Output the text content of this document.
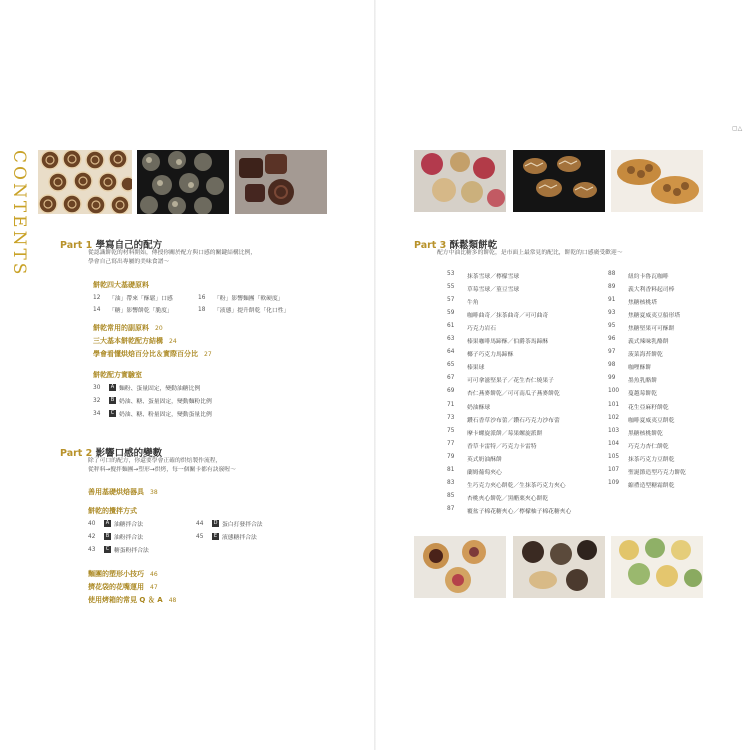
▢△
CONTENTS	Part 1 學寫自己的配方
從認識餅乾的材料開始，傳授你關於配方與口感的關鍵結構比例，
學會自己寫出專屬的美味食譜～
餅乾四大基礎原料
12	「油」帶來「酥鬆」口感
14	「糖」影響餅乾「脆度」
16	「粉」影響麵團「軟硬度」
18	「液態」提升餅乾「化口性」
餅乾常用的副原料 20
三大基本餅乾配方結構 24
學會看懂烘焙百分比＆實際百分比 27
餅乾配方實驗室
30	A 麵粉、蛋量固定，變動油糖比例
32	B 奶油、糖、蛋量固定，變動麵粉比例
34	C 奶油、糖、粉量固定，變動蛋量比例
Part 2 影響口感的變數
除了可口的配方，你還要學會正確的烘焙製作流程，
從秤料→攪拌麵團→塑形→烘烤，每一個關卡都有訣竅喔～
善用基礎烘焙器具 38
餅乾的攪拌方式
40	A 油糖拌合法
42	B 油粉拌合法
43	C 糖蛋粉拌合法
44	D 蛋白打發拌合法
45	E 液態糖拌合法
麵團的塑形小技巧 46
擠花袋的花嘴運用 47
使用烤箱的常見 Q ＆ A 48
Part 3 酥鬆類餅乾
配方中油比糖多的餅乾，是市面上最常見的配比，餅乾的口感廣受歡迎～
53	抹茶雪球／檸檬雪球
55	草莓雪球／菫豆雪球
57	牛角
59	咖啡曲奇／抹茶曲奇／可可曲奇
61	巧克力岩石
63	榛果咖啡馬蹄酥／伯爵茶馬蹄酥
64	椰子巧克力馬蹄酥
65	榛果球
67	可可拿滋堅果子／花生杏仁燒果子
69	杏仁燕麥餅乾／可可南瓜子燕麥餅乾
71	奶油酥球
73	鑽石香草沙布蕾／鑽石巧克力沙布蕾
75	摩卡螺旋派餅／莓果螺旋派餅
77	香草卡雷特／巧克力卡雷特
79	英式奶油酥餅
81	蘭姆葡萄夾心
83	生巧克力夾心餅乾／生抹茶巧克力夾心
85	杏桃夾心餅乾／黑醋栗夾心餅乾
87	覆盆子棉花糖夾心／檸檬柚子棉花糖夾心
88	紐約卡魯瓦咖啡
89	義大利香料起司棒
91	焦糖核桃塔
93	焦糖夏威夷豆船形塔
95	焦糖堅果可可酥餅
96	義式辣味乳酪餅
97	菠菜海苔餅乾
98	咖哩酥餅
99	墨魚乳酪餅
100	蔓越莓餅乾
101	花生亞麻籽餅乾
102	咖啡夏威夷豆餅乾
103	黑糖核桃餅乾
104	巧克力杏仁餅乾
105	抹茶巧克力豆餅乾
107	聖誕節造型巧克力餅乾
109	縮禮造型糖霜餅乾
